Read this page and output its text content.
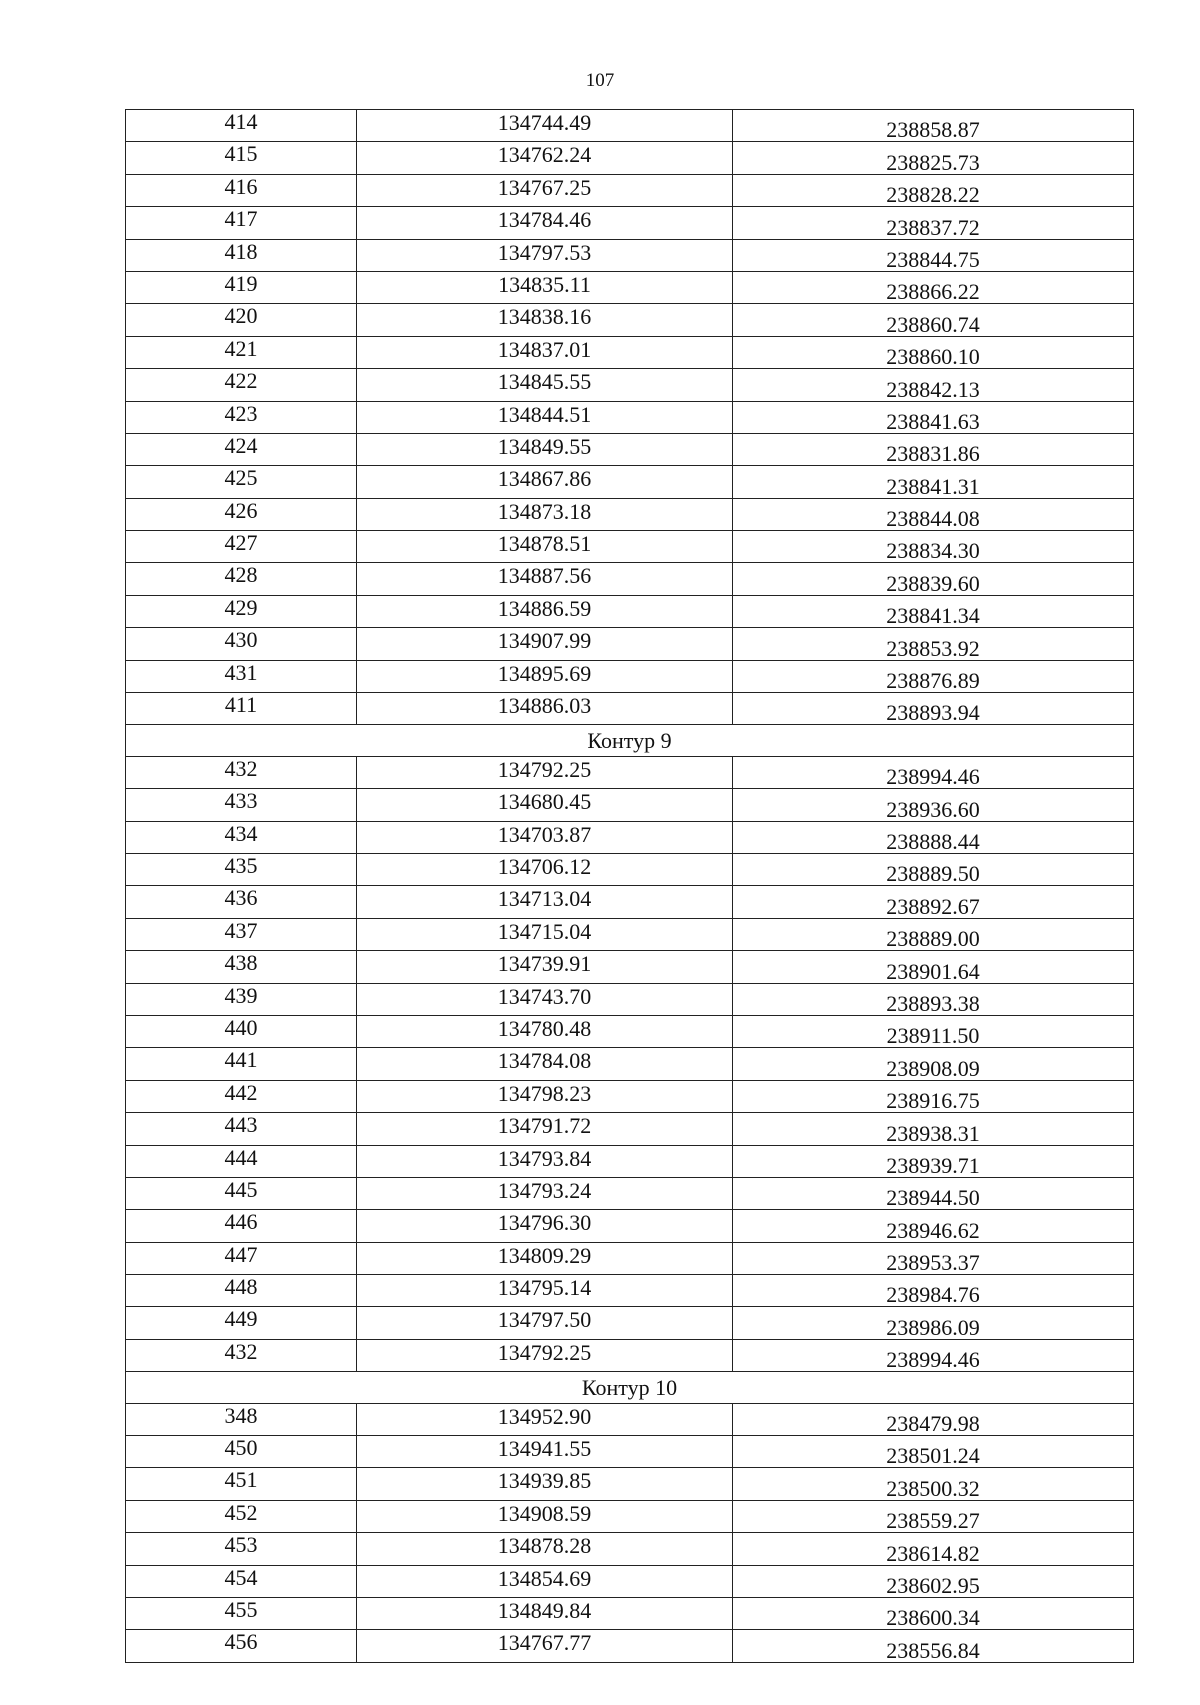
107
414	134744.49	238858.87
415	134762.24	238825.73
416	134767.25	238828.22
417	134784.46	238837.72
418	134797.53	238844.75
419	134835.11	238866.22
420	134838.16	238860.74
421	134837.01	238860.10
422	134845.55	238842.13
423	134844.51	238841.63
424	134849.55	238831.86
425	134867.86	238841.31
426	134873.18	238844.08
427	134878.51	238834.30
428	134887.56	238839.60
429	134886.59	238841.34
430	134907.99	238853.92
431	134895.69	238876.89
411	134886.03	238893.94
Контур 9		
432	134792.25	238994.46
433	134680.45	238936.60
434	134703.87	238888.44
435	134706.12	238889.50
436	134713.04	238892.67
437	134715.04	238889.00
438	134739.91	238901.64
439	134743.70	238893.38
440	134780.48	238911.50
441	134784.08	238908.09
442	134798.23	238916.75
443	134791.72	238938.31
444	134793.84	238939.71
445	134793.24	238944.50
446	134796.30	238946.62
447	134809.29	238953.37
448	134795.14	238984.76
449	134797.50	238986.09
432	134792.25	238994.46
Контур 10		
348	134952.90	238479.98
450	134941.55	238501.24
451	134939.85	238500.32
452	134908.59	238559.27
453	134878.28	238614.82
454	134854.69	238602.95
455	134849.84	238600.34
456	134767.77	238556.84
